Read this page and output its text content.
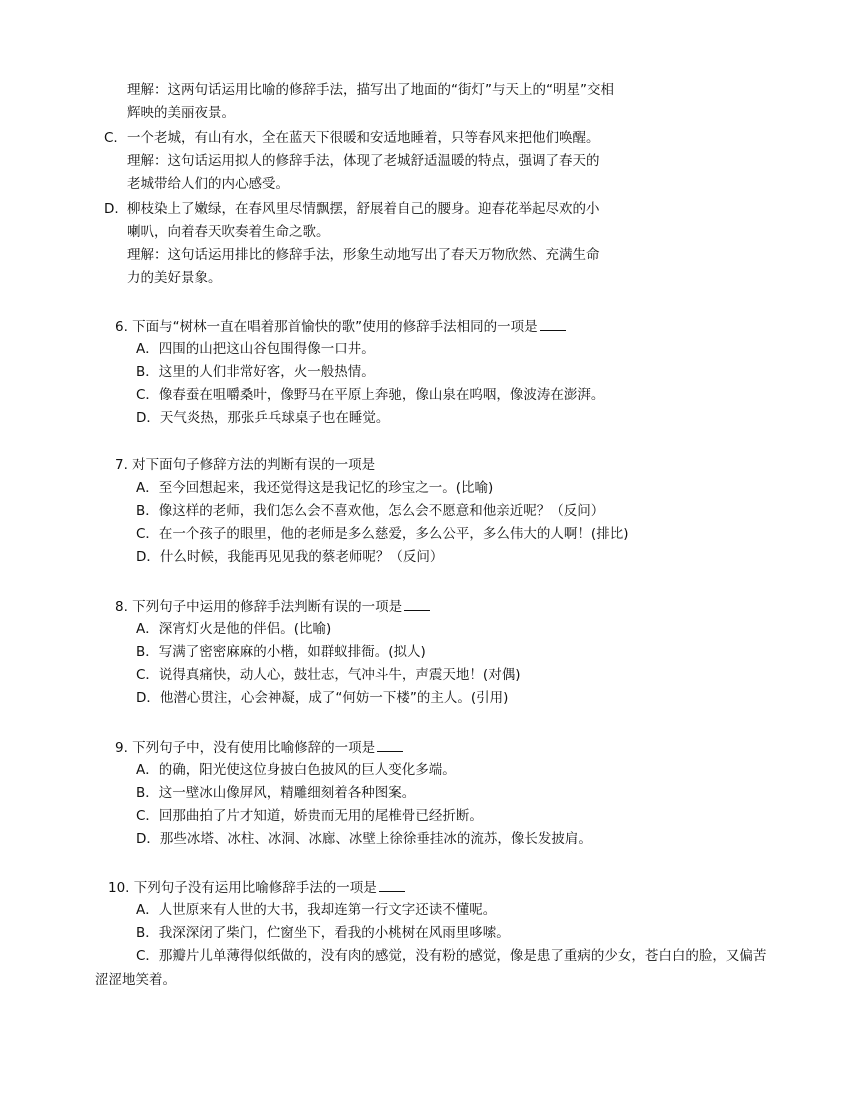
理解：这两句话运用比喻的修辞手法，描写出了地面的“街灯”与天上的“明星”交相
辉映的美丽夜景。
C. 一个老城，有山有水，全在蓝天下很暖和安适地睡着，只等春风来把他们唤醒。
理解：这句话运用拟人的修辞手法，体现了老城舒适温暖的特点，强调了春天的
老城带给人们的内心感受。
D. 柳枝染上了嫩绿，在春风里尽情飘摆，舒展着自己的腰身。迎春花举起尽欢的小
喇叭，向着春天吹奏着生命之歌。
理解：这句话运用排比的修辞手法，形象生动地写出了春天万物欣然、充满生命
力的美好景象。
6. 下面与“树林一直在唱着那首愉快的歌”使用的修辞手法相同的一项是
A．四围的山把这山谷包围得像一口井。
B．这里的人们非常好客，火一般热情。
C．像春蚕在咀嚼桑叶，像野马在平原上奔驰，像山泉在呜咽，像波涛在澎湃。
D．天气炎热，那张乒乓球桌子也在睡觉。
7. 对下面句子修辞方法的判断有误的一项是
A．至今回想起来，我还觉得这是我记忆的珍宝之一。(比喻)
B．像这样的老师，我们怎么会不喜欢他，怎么会不愿意和他亲近呢？（反问）
C．在一个孩子的眼里，他的老师是多么慈爱，多么公平，多么伟大的人啊！(排比)
D．什么时候，我能再见见我的蔡老师呢？（反问）
8. 下列句子中运用的修辞手法判断有误的一项是
A．深宵灯火是他的伴侣。(比喻)
B．写满了密密麻麻的小楷，如群蚁排衙。(拟人)
C．说得真痛快，动人心，鼓壮志，气冲斗牛，声震天地！(对偶)
D．他潜心贯注，心会神凝，成了“何妨一下楼”的主人。(引用)
9. 下列句子中，没有使用比喻修辞的一项是
A．的确，阳光使这位身披白色披风的巨人变化多端。
B．这一壁冰山像屏风，精雕细刻着各种图案。
C．回那曲拍了片才知道，娇贵而无用的尾椎骨已经折断。
D．那些冰塔、冰柱、冰洞、冰廊、冰壁上徐徐垂挂冰的流苏，像长发披肩。
10. 下列句子没有运用比喻修辞手法的一项是
A．人世原来有人世的大书，我却连第一行文字还读不懂呢。
B．我深深闭了柴门，伫窗坐下，看我的小桃树在风雨里哆嗦。
C．那瓣片儿单薄得似纸做的，没有肉的感觉，没有粉的感觉，像是患了重病的少女，苍白白的脸，又偏苦涩涩地笑着。
